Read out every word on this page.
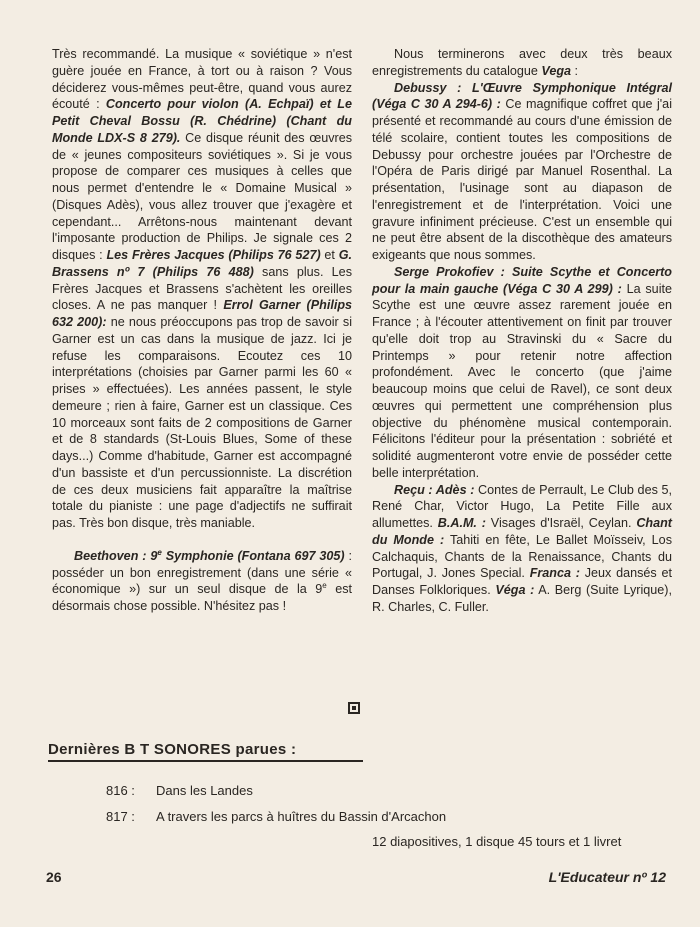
Très recommandé. La musique « soviétique » n'est guère jouée en France, à tort ou à raison ? Vous déciderez vous-mêmes peut-être, quand vous aurez écouté : Concerto pour violon (A. Echpaï) et Le Petit Cheval Bossu (R. Chédrine) (Chant du Monde LDX-S 8 279). Ce disque réunit des œuvres de « jeunes compositeurs soviétiques ». Si je vous propose de comparer ces musiques à celles que nous permet d'entendre le « Domaine Musical » (Disques Adès), vous allez trouver que j'exagère et cependant... Arrêtons-nous maintenant devant l'imposante production de Philips. Je signale ces 2 disques : Les Frères Jacques (Philips 76 527) et G. Brassens nº 7 (Philips 76 488) sans plus. Les Frères Jacques et Brassens s'achètent les oreilles closes. A ne pas manquer ! Errol Garner (Philips 632 200): ne nous préoccupons pas trop de savoir si Garner est un cas dans la musique de jazz. Ici je refuse les comparaisons. Ecoutez ces 10 interprétations (choisies par Garner parmi les 60 « prises » effectuées). Les années passent, le style demeure ; rien à faire, Garner est un classique. Ces 10 morceaux sont faits de 2 compositions de Garner et de 8 standards (St-Louis Blues, Some of these days...) Comme d'habitude, Garner est accompagné d'un bassiste et d'un percussionniste. La discrétion de ces deux musiciens fait apparaître la maîtrise totale du pianiste : une page d'adjectifs ne suffirait pas. Très bon disque, très maniable.

Beethoven : 9e Symphonie (Fontana 697 305) : posséder un bon enregistrement (dans une série « économique ») sur un seul disque de la 9e est désormais chose possible. N'hésitez pas !

Nous terminerons avec deux très beaux enregistrements du catalogue Vega :

Debussy : L'Œuvre Symphonique Intégral (Véga C 30 A 294-6) : Ce magnifique coffret que j'ai présenté et recommandé au cours d'une émission de télé scolaire, contient toutes les compositions de Debussy pour orchestre jouées par l'Orchestre de l'Opéra de Paris dirigé par Manuel Rosenthal. La présentation, l'usinage sont au diapason de l'enregistrement et de l'interprétation. Voici une gravure infiniment précieuse. C'est un ensemble qui ne peut être absent de la discothèque des amateurs exigeants que nous sommes.

Serge Prokofiev : Suite Scythe et Concerto pour la main gauche (Véga C 30 A 299) : La suite Scythe est une œuvre assez rarement jouée en France ; à l'écouter attentivement on finit par trouver qu'elle doit trop au Stravinski du « Sacre du Printemps » pour retenir notre affection profondément. Avec le concerto (que j'aime beaucoup moins que celui de Ravel), ce sont deux œuvres qui permettent une compréhension plus objective du phénomène musical contemporain. Félicitons l'éditeur pour la présentation : sobriété et solidité augmenteront votre envie de posséder cette belle interprétation.

Reçu : Adès : Contes de Perrault, Le Club des 5, René Char, Victor Hugo, La Petite Fille aux allumettes. B.A.M. : Visages d'Israël, Ceylan. Chant du Monde : Tahiti en fête, Le Ballet Moïsseiv, Los Calchaquis, Chants de la Renaissance, Chants du Portugal, J. Jones Special. Franca : Jeux dansés et Danses Folkloriques. Véga : A. Berg (Suite Lyrique), R. Charles, C. Fuller.

Dernières B T SONORES parues :
816 : Dans les Landes
817 : A travers les parcs à huîtres du Bassin d'Arcachon
12 diapositives, 1 disque 45 tours et 1 livret
26	L'Educateur nº 12
